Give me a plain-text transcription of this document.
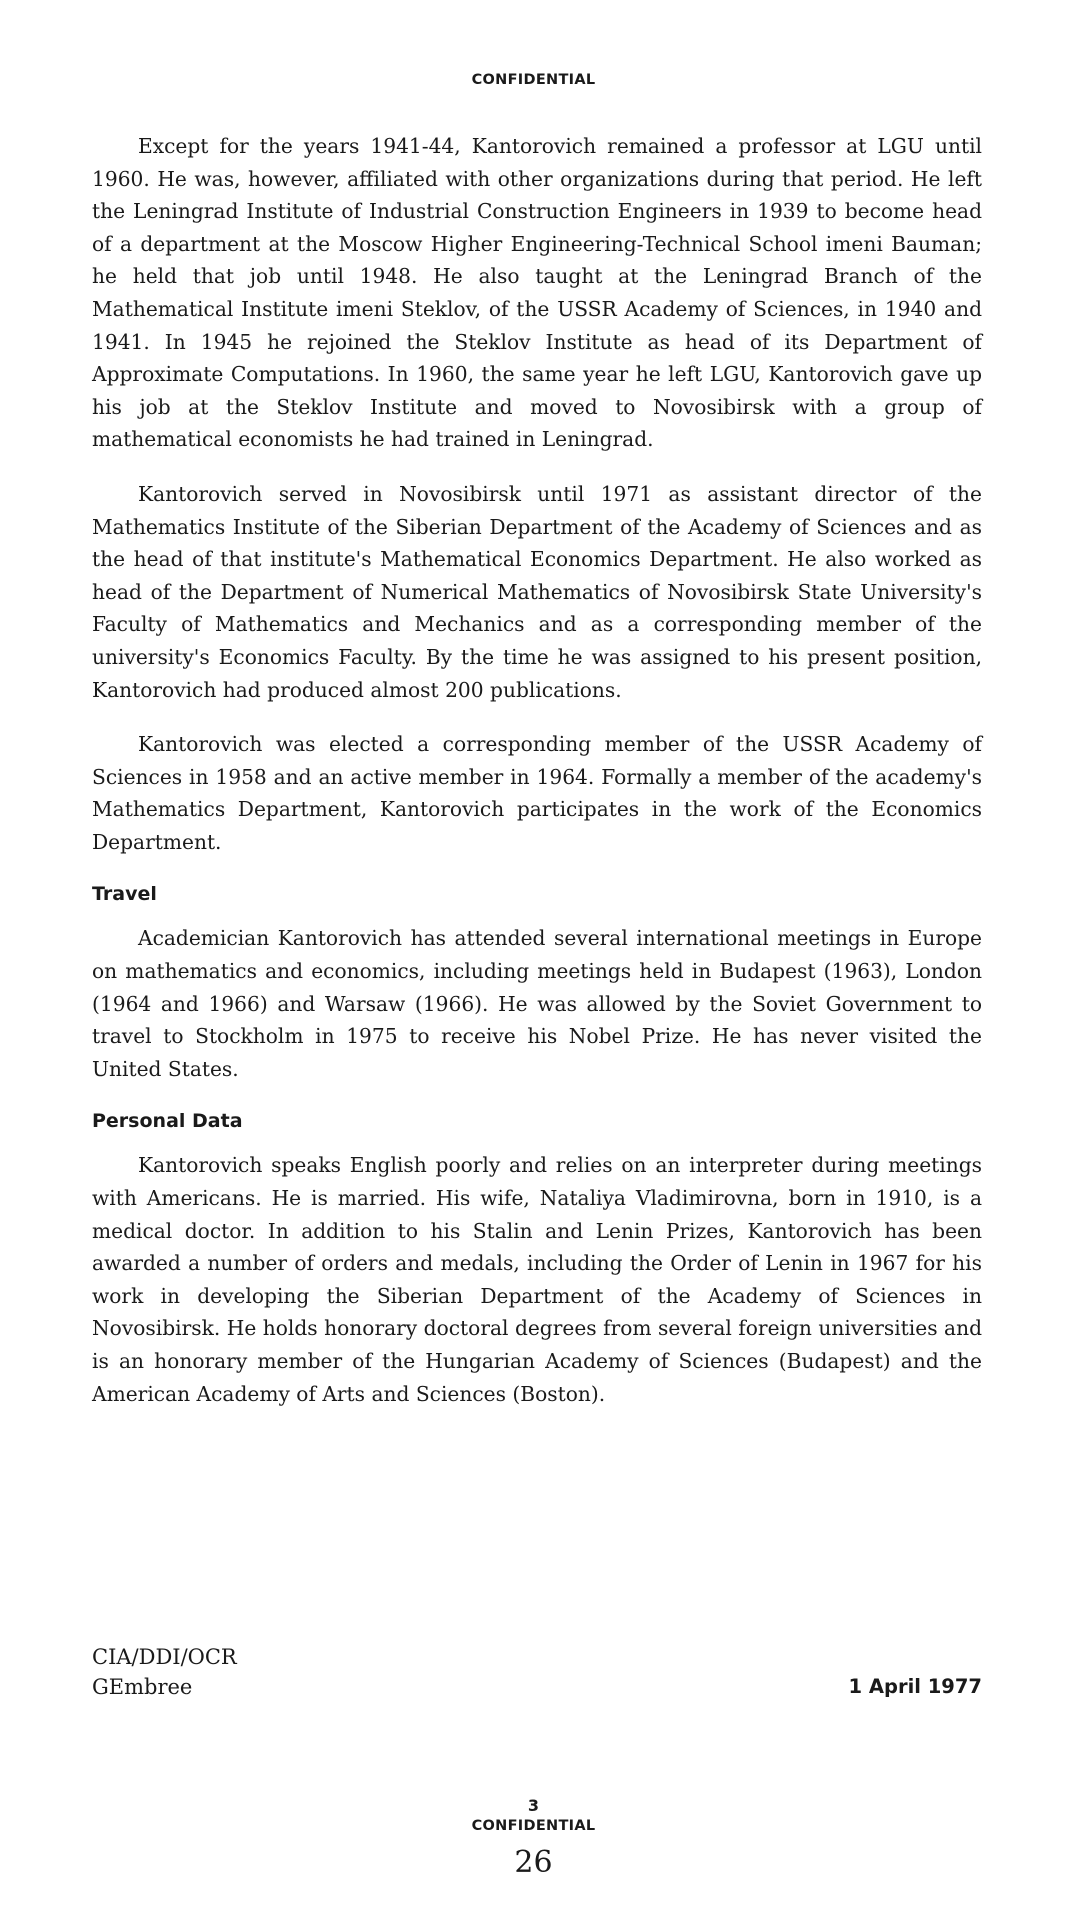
CONFIDENTIAL

Except for the years 1941-44, Kantorovich remained a professor at LGU until 1960. He was, however, affiliated with other organizations during that period. He left the Leningrad Institute of Industrial Construction Engineers in 1939 to become head of a department at the Moscow Higher Engineering-Technical School imeni Bauman; he held that job until 1948. He also taught at the Leningrad Branch of the Mathematical Institute imeni Steklov, of the USSR Academy of Sciences, in 1940 and 1941. In 1945 he rejoined the Steklov Institute as head of its Department of Approximate Computations. In 1960, the same year he left LGU, Kantorovich gave up his job at the Steklov Institute and moved to Novosibirsk with a group of mathematical economists he had trained in Leningrad.

Kantorovich served in Novosibirsk until 1971 as assistant director of the Mathematics Institute of the Siberian Department of the Academy of Sciences and as the head of that institute's Mathematical Economics Department. He also worked as head of the Department of Numerical Mathematics of Novosibirsk State University's Faculty of Mathematics and Mechanics and as a corresponding member of the university's Economics Faculty. By the time he was assigned to his present position, Kantorovich had produced almost 200 publications.

Kantorovich was elected a corresponding member of the USSR Academy of Sciences in 1958 and an active member in 1964. Formally a member of the academy's Mathematics Department, Kantorovich participates in the work of the Economics Department.

Travel

Academician Kantorovich has attended several international meetings in Europe on mathematics and economics, including meetings held in Budapest (1963), London (1964 and 1966) and Warsaw (1966). He was allowed by the Soviet Government to travel to Stockholm in 1975 to receive his Nobel Prize. He has never visited the United States.

Personal Data

Kantorovich speaks English poorly and relies on an interpreter during meetings with Americans. He is married. His wife, Nataliya Vladimirovna, born in 1910, is a medical doctor. In addition to his Stalin and Lenin Prizes, Kantorovich has been awarded a number of orders and medals, including the Order of Lenin in 1967 for his work in developing the Siberian Department of the Academy of Sciences in Novosibirsk. He holds honorary doctoral degrees from several foreign universities and is an honorary member of the Hungarian Academy of Sciences (Budapest) and the American Academy of Arts and Sciences (Boston).

CIA/DDI/OCR
GEmbree	1 April 1977
3
CONFIDENTIAL
26
